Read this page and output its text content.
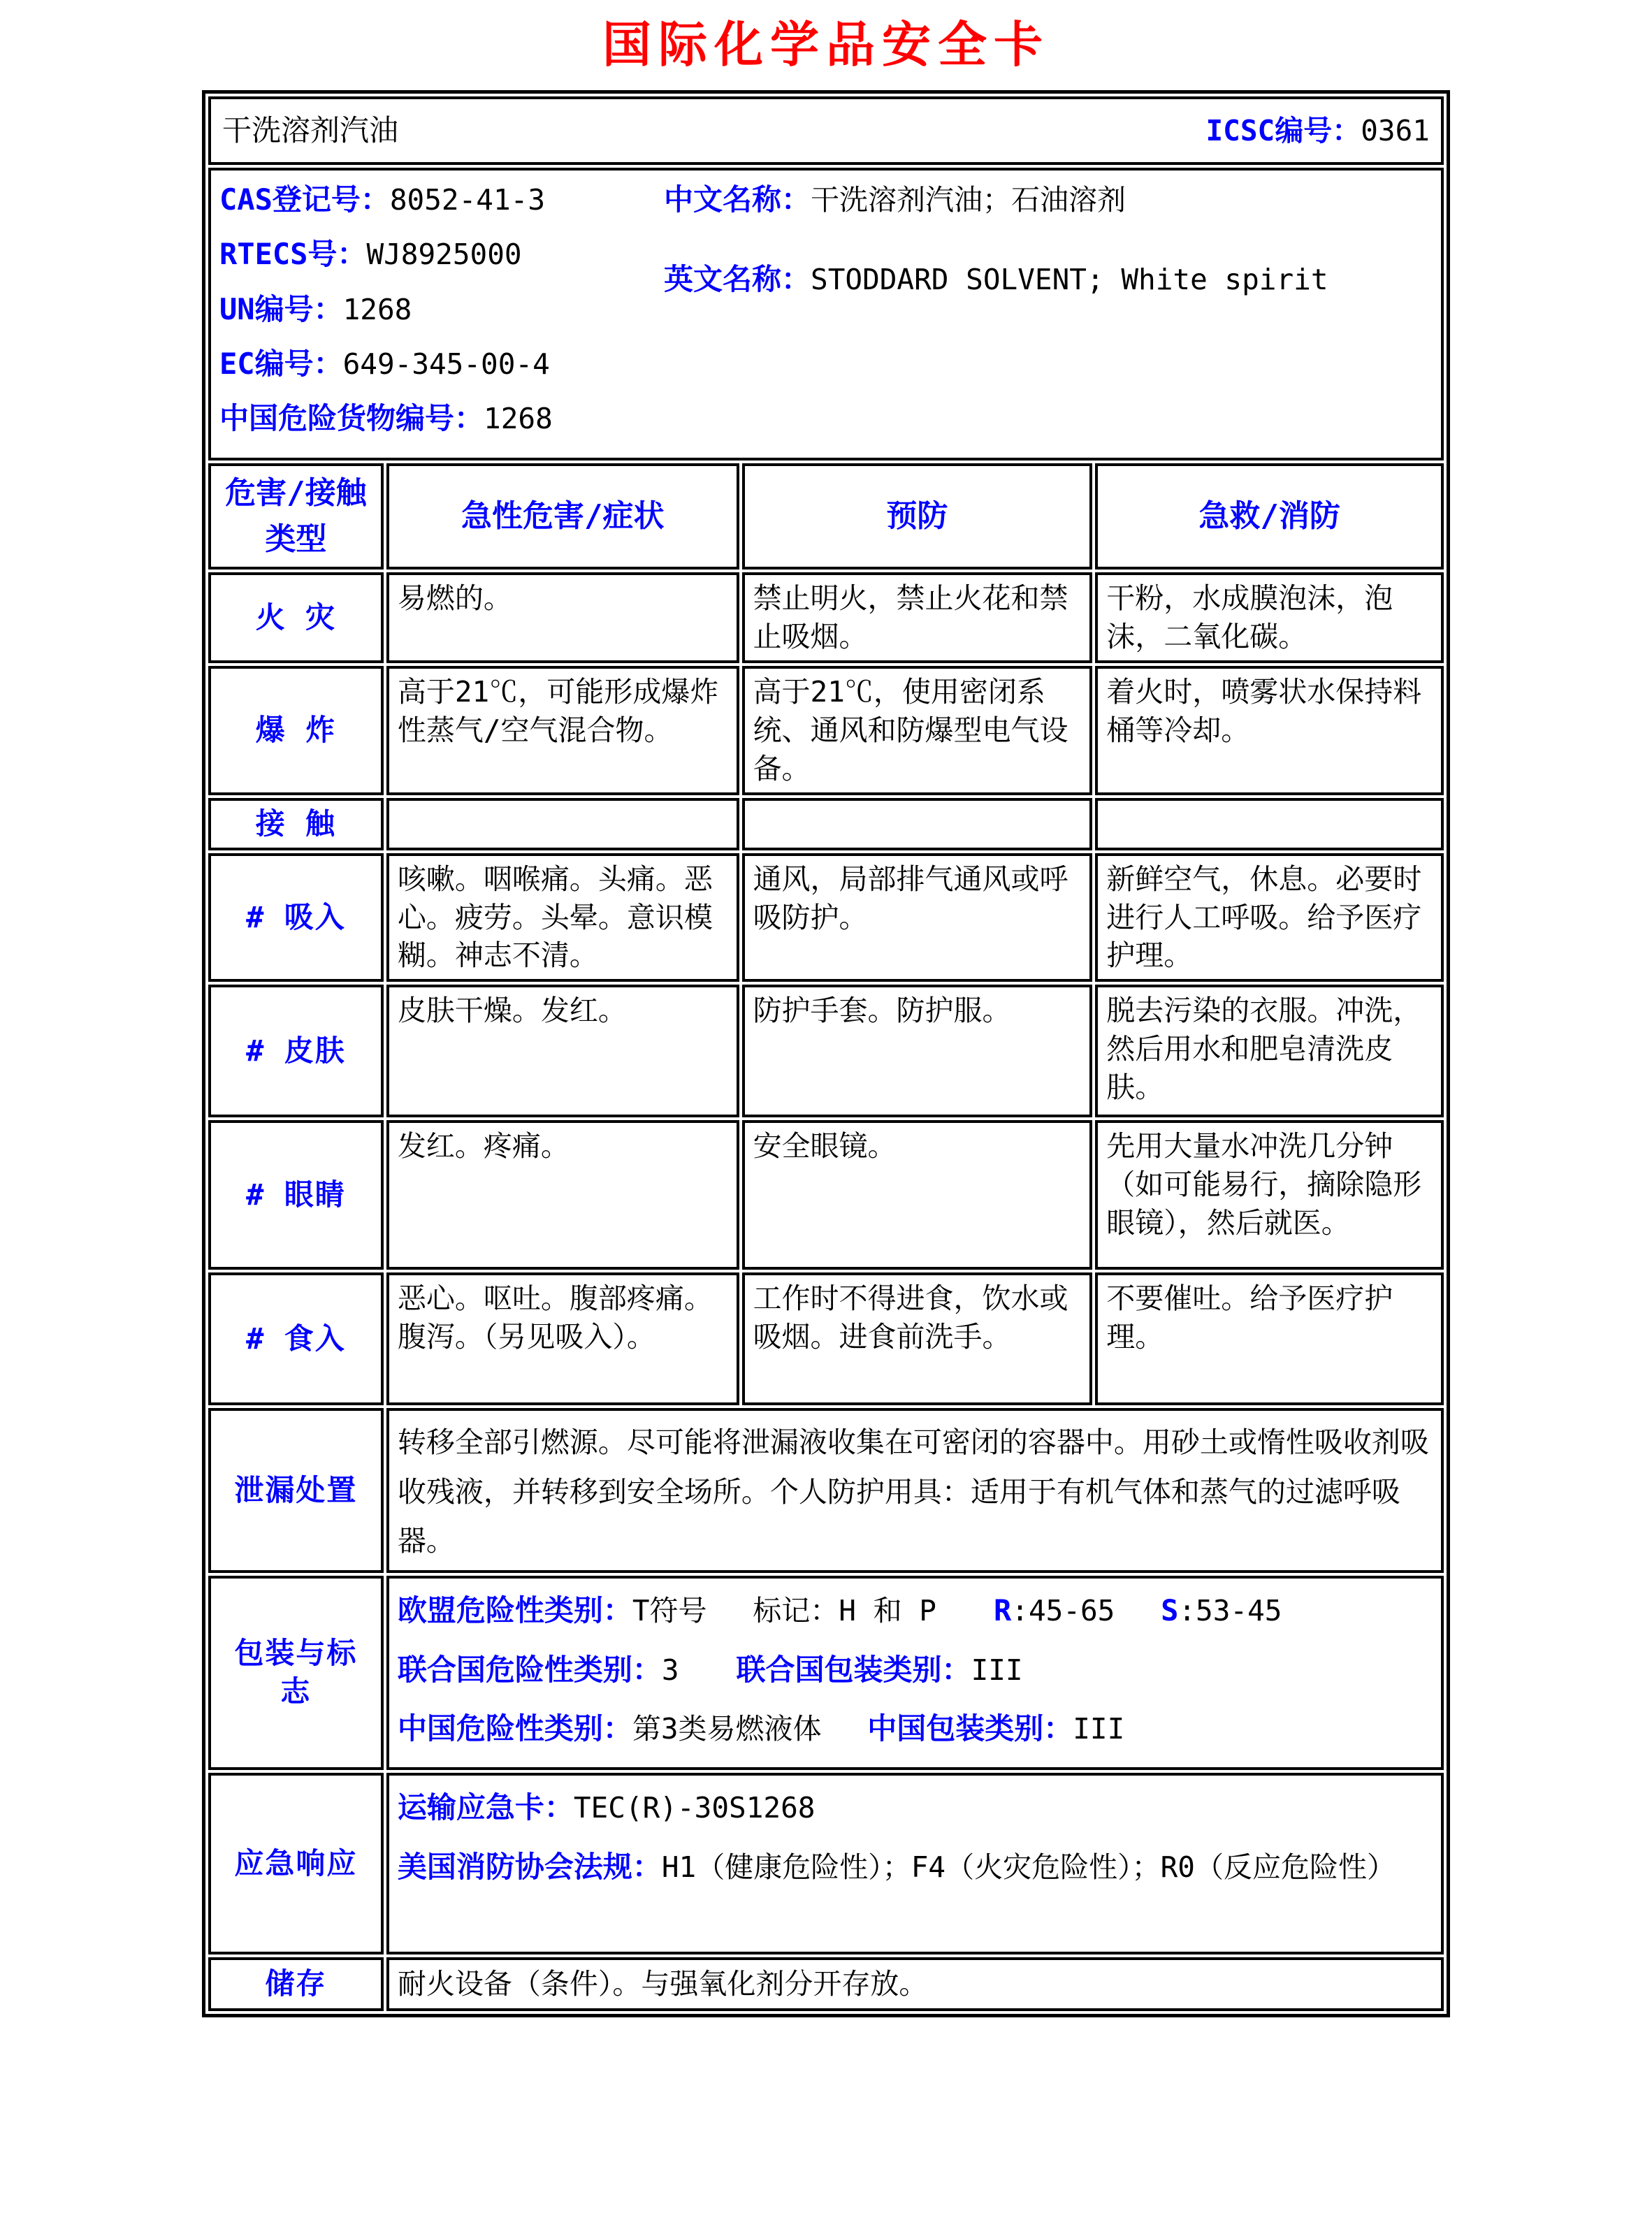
国际化学品安全卡
干洗溶剂汽油 ICSC编号：0361			

CAS登记号：8052-41-3
RTECS号：WJ8925000
UN编号：1268
EC编号：649-345-00-4
中国危险货物编号：1268
中文名称：干洗溶剂汽油；石油溶剂
英文名称：STODDARD SOLVENT; White spirit

危害/接触 类型	急性危害/症状	预防	急救/消防
火 灾	易燃的。	禁止明火，禁止火花和禁止吸烟。	干粉，水成膜泡沫，泡沫，二氧化碳。
爆 炸	高于21℃，可能形成爆炸性蒸气/空气混合物。	高于21℃，使用密闭系统、通风和防爆型电气设备。	着火时，喷雾状水保持料桶等冷却。
接 触			
# 吸入	咳嗽。咽喉痛。头痛。恶心。疲劳。头晕。意识模糊。神志不清。	通风，局部排气通风或呼吸防护。	新鲜空气，休息。必要时进行人工呼吸。给予医疗护理。
# 皮肤	皮肤干燥。发红。	防护手套。防护服。	脱去污染的衣服。冲洗，然后用水和肥皂清洗皮肤。
# 眼睛	发红。疼痛。	安全眼镜。	先用大量水冲洗几分钟（如可能易行，摘除隐形眼镜），然后就医。
# 食入	恶心。呕吐。腹部疼痛。腹泻。（另见吸入）。	工作时不得进食，饮水或吸烟。进食前洗手。	不要催吐。给予医疗护理。
泄漏处置	转移全部引燃源。尽可能将泄漏液收集在可密闭的容器中。用砂土或惰性吸收剂吸收残液，并转移到安全场所。个人防护用具：适用于有机气体和蒸气的过滤呼吸器。		
包装与标志	欧盟危险性类别：T符号　 标记：H 和 P　　R:45-65　 S:53-45
联合国危险性类别：3　　联合国包装类别：III
中国危险性类别：第3类易燃液体　 中国包装类别：III		

应急响应	运输应急卡：TEC(R)-30S1268
美国消防协会法规：H1（健康危险性）；F4（火灾危险性）；R0（反应危险性）		

储存	耐火设备（条件）。与强氧化剂分开存放。		
